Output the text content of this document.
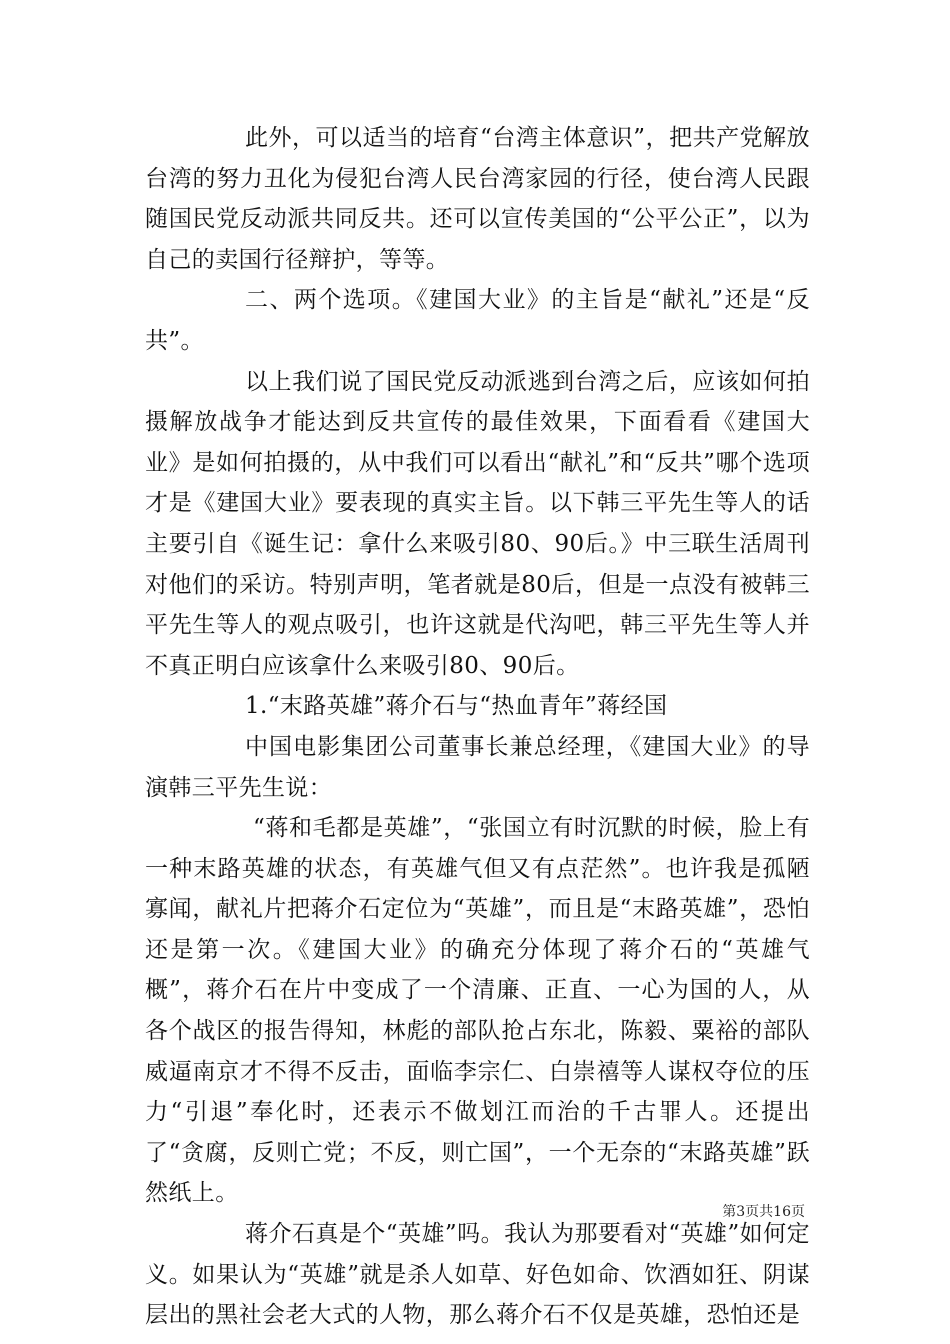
此外，可以适当的培育“台湾主体意识”，把共产党解放台湾的努力丑化为侵犯台湾人民台湾家园的行径，使台湾人民跟随国民党反动派共同反共。还可以宣传美国的“公平公正”，以为自己的卖国行径辩护，等等。

二、两个选项。《建国大业》的主旨是“献礼”还是“反共”。

以上我们说了国民党反动派逃到台湾之后，应该如何拍摄解放战争才能达到反共宣传的最佳效果，下面看看《建国大业》是如何拍摄的，从中我们可以看出“献礼”和“反共”哪个选项才是《建国大业》要表现的真实主旨。以下韩三平先生等人的话主要引自《诞生记：拿什么来吸引80、90后。》中三联生活周刊对他们的采访。特别声明，笔者就是80后，但是一点没有被韩三平先生等人的观点吸引，也许这就是代沟吧，韩三平先生等人并不真正明白应该拿什么来吸引80、90后。

1.“末路英雄”蒋介石与“热血青年”蒋经国

中国电影集团公司董事长兼总经理，《建国大业》的导演韩三平先生说：

“蒋和毛都是英雄”，“张国立有时沉默的时候，脸上有一种末路英雄的状态，有英雄气但又有点茫然”。也许我是孤陋寡闻，献礼片把蒋介石定位为“英雄”，而且是“末路英雄”，恐怕还是第一次。《建国大业》的确充分体现了蒋介石的“英雄气概”，蒋介石在片中变成了一个清廉、正直、一心为国的人，从各个战区的报告得知，林彪的部队抢占东北，陈毅、粟裕的部队威逼南京才不得不反击，面临李宗仁、白崇禧等人谋权夺位的压力“引退”奉化时，还表示不做划江而治的千古罪人。还提出了“贪腐，反则亡党；不反，则亡国”，一个无奈的“末路英雄”跃然纸上。

蒋介石真是个“英雄”吗。我认为那要看对“英雄”如何定义。如果认为“英雄”就是杀人如草、好色如命、饮酒如狂、阴谋层出的黑社会老大式的人物，那么蒋介石不仅是英雄，恐怕还是

第3页共16页
